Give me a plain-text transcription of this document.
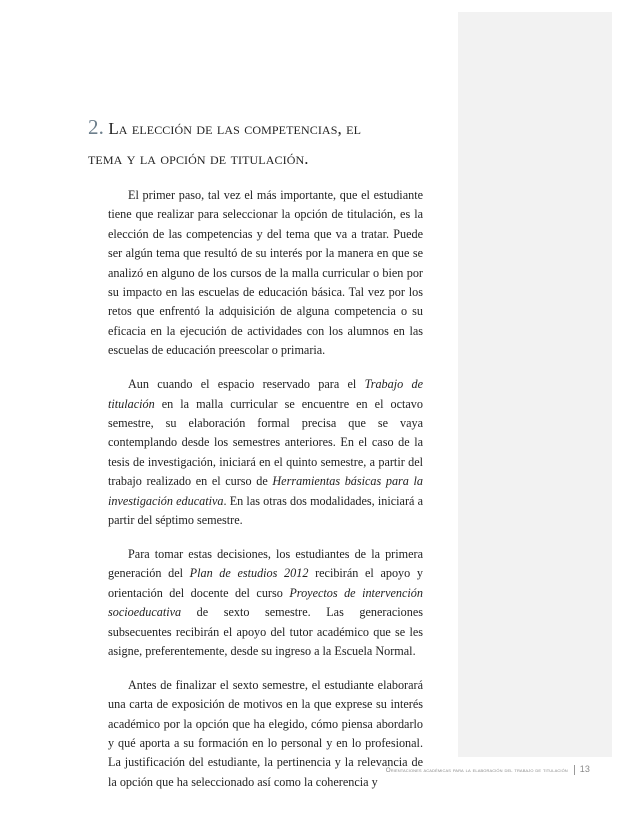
2. La elección de las competencias, el
tema y la opción de titulación.

El primer paso, tal vez el más importante, que el estudiante tiene que realizar para seleccionar la opción de titulación, es la elección de las competencias y del tema que va a tratar. Puede ser algún tema que resultó de su interés por la manera en que se analizó en alguno de los cursos de la malla curricular o bien por su impacto en las escuelas de educación básica. Tal vez por los retos que enfrentó la adquisición de alguna competencia o su eficacia en la ejecución de actividades con los alumnos en las escuelas de educación preescolar o primaria.

Aun cuando el espacio reservado para el Trabajo de titulación en la malla curricular se encuentre en el octavo semestre, su elaboración formal precisa que se vaya contemplando desde los semestres anteriores. En el caso de la tesis de investigación, iniciará en el quinto semestre, a partir del trabajo realizado en el curso de Herramientas básicas para la investigación educativa. En las otras dos modalidades, iniciará a partir del séptimo semestre.

Para tomar estas decisiones, los estudiantes de la primera generación del Plan de estudios 2012 recibirán el apoyo y orientación del docente del curso Proyectos de intervención socioeducativa de sexto semestre. Las generaciones subsecuentes recibirán el apoyo del tutor académico que se les asigne, preferentemente, desde su ingreso a la Escuela Normal.

Antes de finalizar el sexto semestre, el estudiante elaborará una carta de exposición de motivos en la que exprese su interés académico por la opción que ha elegido, cómo piensa abordarlo y qué aporta a su formación en lo personal y en lo profesional. La justificación del estudiante, la pertinencia y la relevancia de la opción que ha seleccionado así como la coherencia y

Orientaciones académicas para la elaboración del trabajo de titulación 13
